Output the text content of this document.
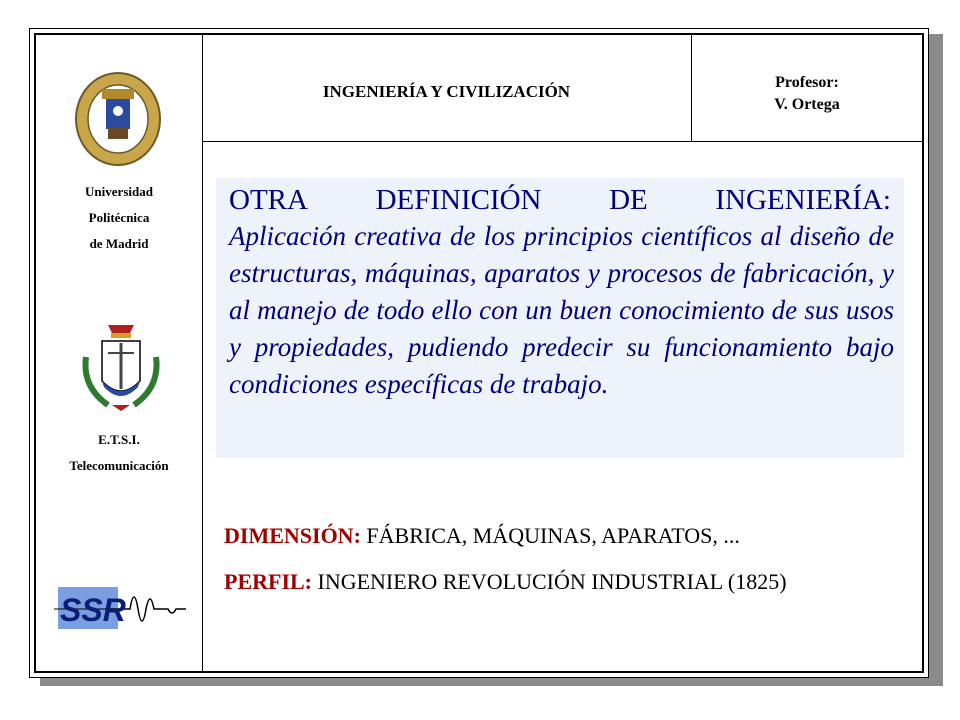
Universidad
Politécnica
de Madrid
E.T.S.I.
Telecomunicación
SSR
INGENIERÍA Y CIVILIZACIÓN	Profesor:
V. Ortega
OTRA DEFINICIÓN DE INGENIERÍA:
Aplicación creativa de los principios científicos al diseño de estructuras, máquinas, aparatos y procesos de fabricación, y al manejo de todo ello con un buen conocimiento de sus usos y propiedades, pudiendo predecir su funcionamiento bajo condiciones específicas de trabajo.
DIMENSIÓN: FÁBRICA, MÁQUINAS, APARATOS, ...
PERFIL: INGENIERO REVOLUCIÓN INDUSTRIAL (1825)
